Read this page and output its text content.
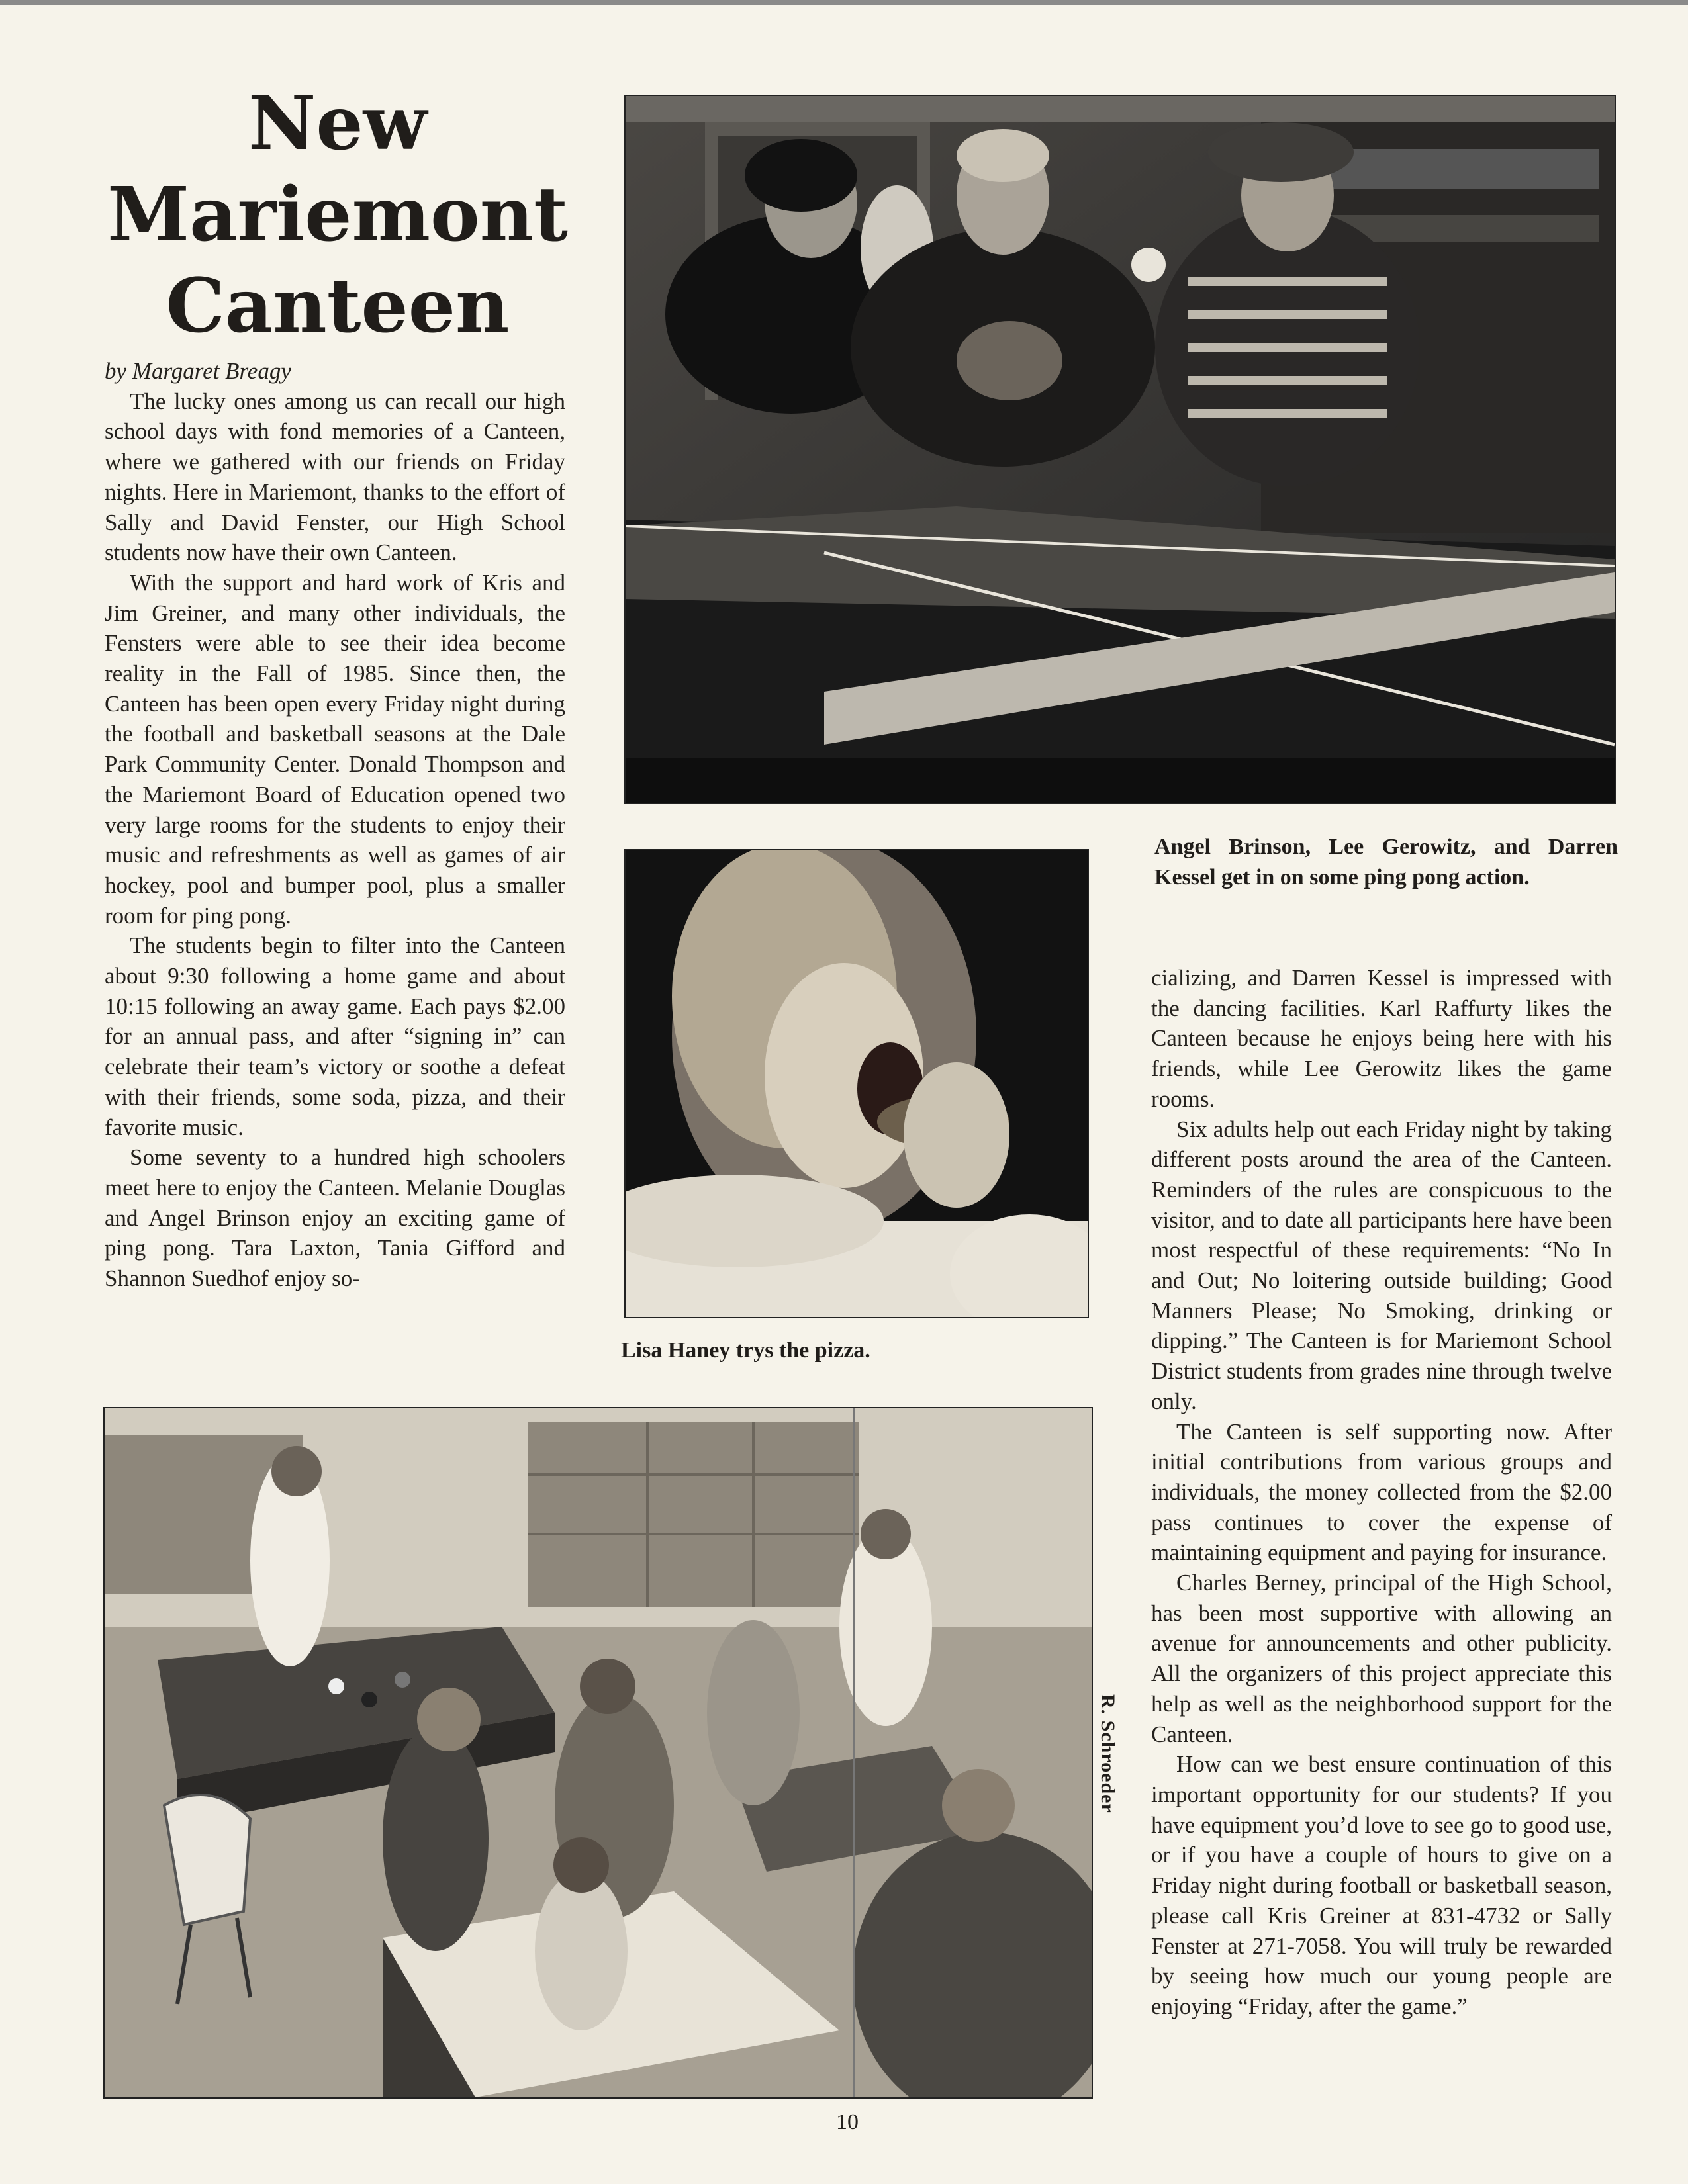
New
Mariemont
Canteen

by Margaret Breagy

The lucky ones among us can recall our high school days with fond memories of a Canteen, where we gathered with our friends on Friday nights. Here in Mariemont, thanks to the effort of Sally and David Fenster, our High School students now have their own Canteen.

With the support and hard work of Kris and Jim Greiner, and many other individuals, the Fensters were able to see their idea become reality in the Fall of 1985. Since then, the Canteen has been open every Friday night during the football and basketball seasons at the Dale Park Community Center. Donald Thompson and the Mariemont Board of Education opened two very large rooms for the students to enjoy their music and refreshments as well as games of air hockey, pool and bumper pool, plus a smaller room for ping pong.

The students begin to filter into the Canteen about 9:30 following a home game and about 10:15 following an away game. Each pays $2.00 for an annual pass, and after “signing in” can celebrate their team’s victory or soothe a defeat with their friends, some soda, pizza, and their favorite music.

Some seventy to a hundred high schoolers meet here to enjoy the Canteen. Melanie Douglas and Angel Brinson enjoy an exciting game of ping pong. Tara Laxton, Tania Gifford and Shannon Suedhof enjoy so-

Angel Brinson, Lee Gerowitz, and Darren Kessel get in on some ping pong action.

Lisa Haney trys the pizza.

R. Schroeder

cializing, and Darren Kessel is impressed with the dancing facilities. Karl Raffurty likes the Canteen because he enjoys being here with his friends, while Lee Gerowitz likes the game rooms.

Six adults help out each Friday night by taking different posts around the area of the Canteen. Reminders of the rules are conspicuous to the visitor, and to date all participants here have been most respectful of these requirements: “No In and Out; No loitering outside building; Good Manners Please; No Smoking, drinking or dipping.” The Canteen is for Mariemont School District students from grades nine through twelve only.

The Canteen is self supporting now. After initial contributions from various groups and individuals, the money collected from the $2.00 pass continues to cover the expense of maintaining equipment and paying for insurance.

Charles Berney, principal of the High School, has been most supportive with allowing an avenue for announcements and other publicity. All the organizers of this project appreciate this help as well as the neighborhood support for the Canteen.

How can we best ensure continuation of this important opportunity for our students? If you have equipment you’d love to see go to good use, or if you have a couple of hours to give on a Friday night during football or basketball season, please call Kris Greiner at 831-4732 or Sally Fenster at 271-7058. You will truly be rewarded by seeing how much our young people are enjoying “Friday, after the game.”

10
